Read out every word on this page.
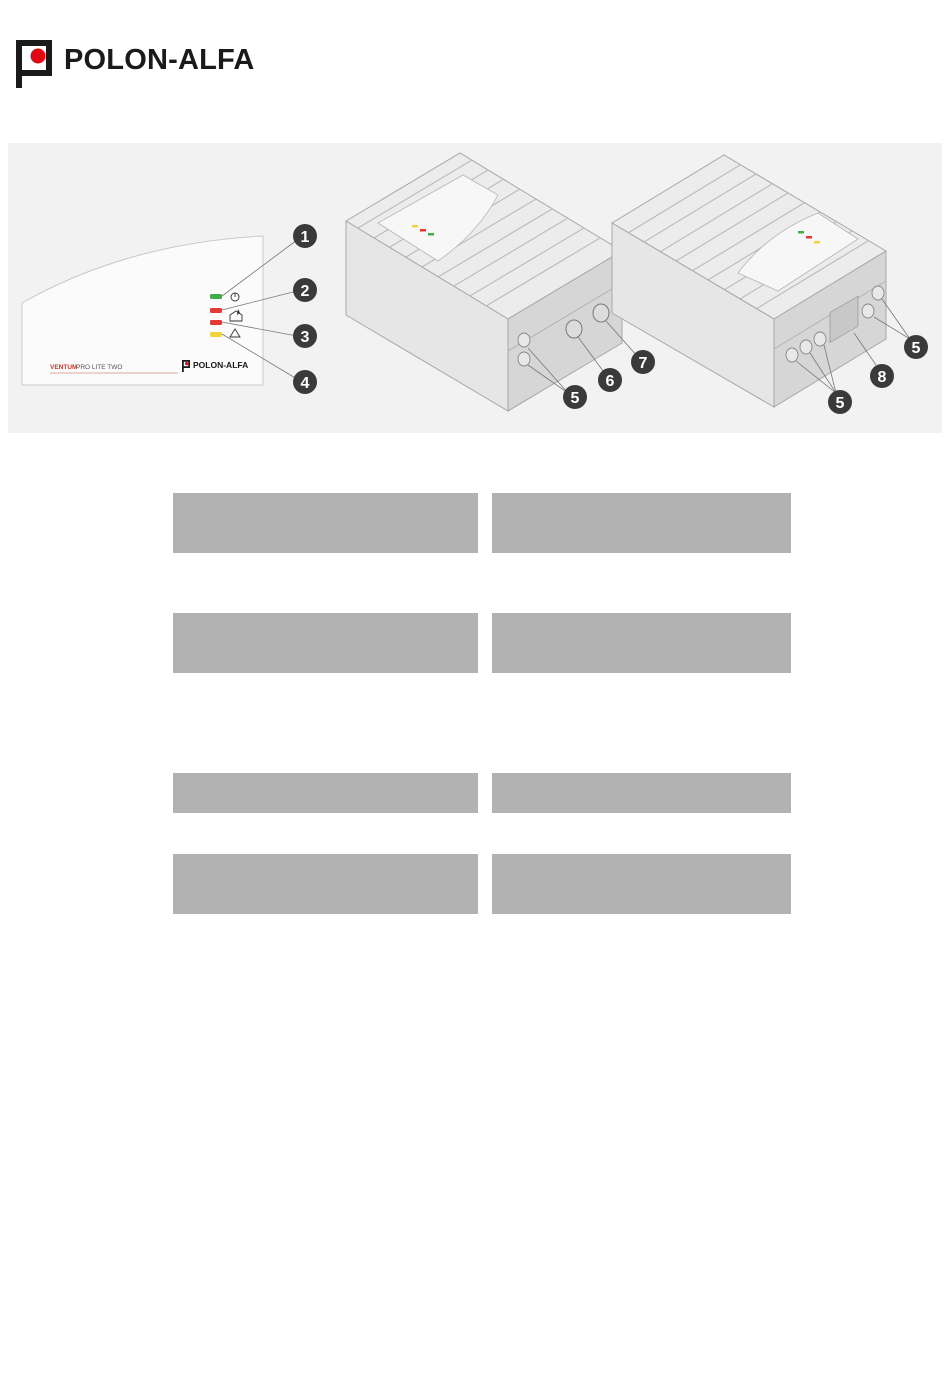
POLON-ALFA
VENTUM
PRO LITE TWO	POLON-ALFA
1
2
3
4
5
6
7
5
5
8
